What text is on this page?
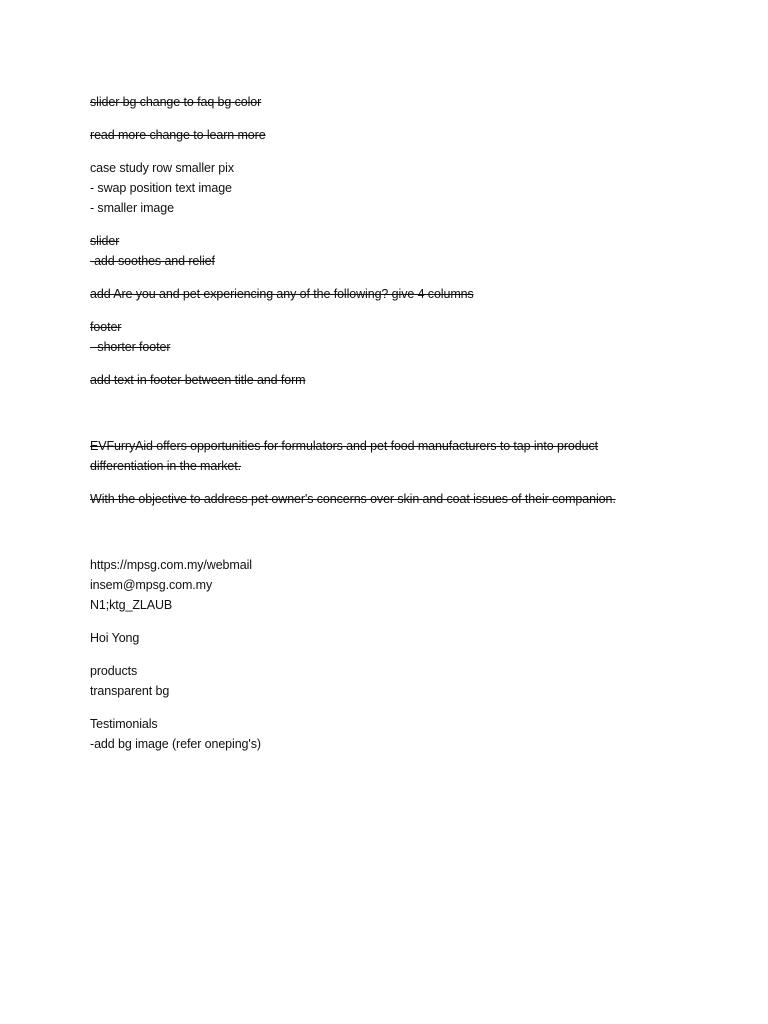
slider bg change to faq bg color
read more change to learn more
case study row smaller pix
- swap position text image
- smaller image
slider
-add soothes and relief
add Are you and pet experiencing any of the following? give 4 columns
footer
- shorter footer
add text in footer between title and form
EVFurryAid offers opportunities for formulators and pet food manufacturers to tap into product
differentiation in the market.
With the objective to address pet owner's concerns over skin and coat issues of their companion.
https://mpsg.com.my/webmail
insem@mpsg.com.my
N1;ktg_ZLAUB
Hoi Yong
products
transparent bg
Testimonials
-add bg image (refer oneping's)
